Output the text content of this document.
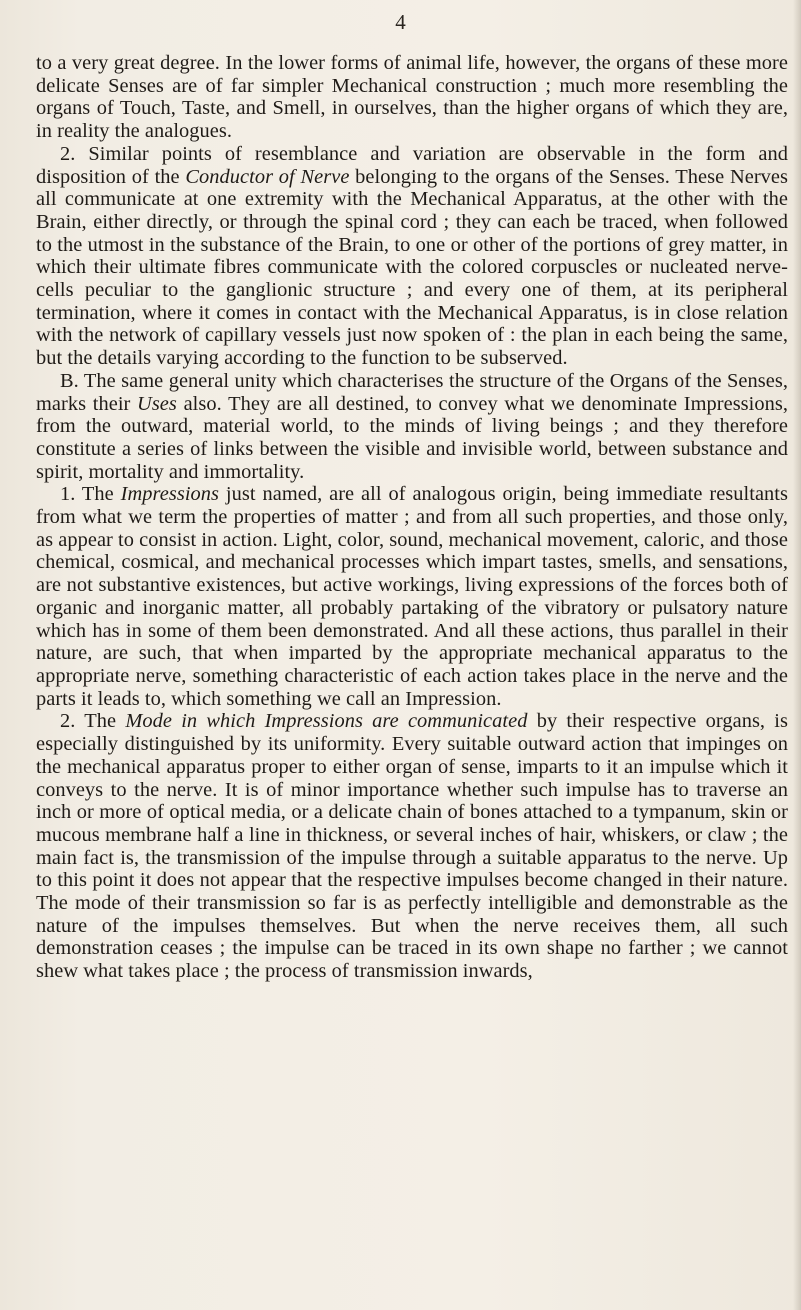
4

to a very great degree. In the lower forms of animal life, however, the organs of these more delicate Senses are of far simpler Mechanical construction ; much more resembling the organs of Touch, Taste, and Smell, in ourselves, than the higher organs of which they are, in reality the analogues.

2. Similar points of resemblance and variation are observable in the form and disposition of the Conductor of Nerve belonging to the organs of the Senses. These Nerves all communicate at one extremity with the Mechanical Apparatus, at the other with the Brain, either directly, or through the spinal cord ; they can each be traced, when followed to the utmost in the substance of the Brain, to one or other of the portions of grey matter, in which their ultimate fibres communicate with the colored corpuscles or nucleated nerve-cells peculiar to the ganglionic structure ; and every one of them, at its peripheral termination, where it comes in contact with the Mechanical Apparatus, is in close relation with the network of capillary vessels just now spoken of : the plan in each being the same, but the details varying according to the function to be subserved.

B. The same general unity which characterises the structure of the Organs of the Senses, marks their Uses also. They are all destined, to convey what we denominate Impressions, from the outward, material world, to the minds of living beings ; and they therefore constitute a series of links between the visible and invisible world, between substance and spirit, mortality and immortality.

1. The Impressions just named, are all of analogous origin, being immediate resultants from what we term the properties of matter ; and from all such properties, and those only, as appear to consist in action. Light, color, sound, mechanical movement, caloric, and those chemical, cosmical, and mechanical processes which impart tastes, smells, and sensations, are not substantive existences, but active workings, living expressions of the forces both of organic and inorganic matter, all probably partaking of the vibratory or pulsatory nature which has in some of them been demonstrated. And all these actions, thus parallel in their nature, are such, that when imparted by the appropriate mechanical apparatus to the appropriate nerve, something characteristic of each action takes place in the nerve and the parts it leads to, which something we call an Impression.

2. The Mode in which Impressions are communicated by their respective organs, is especially distinguished by its uniformity. Every suitable outward action that impinges on the mechanical apparatus proper to either organ of sense, imparts to it an impulse which it conveys to the nerve. It is of minor importance whether such impulse has to traverse an inch or more of optical media, or a delicate chain of bones attached to a tympanum, skin or mucous membrane half a line in thickness, or several inches of hair, whiskers, or claw ; the main fact is, the transmission of the impulse through a suitable apparatus to the nerve. Up to this point it does not appear that the respective impulses become changed in their nature. The mode of their transmission so far is as perfectly intelligible and demonstrable as the nature of the impulses themselves. But when the nerve receives them, all such demonstration ceases ; the impulse can be traced in its own shape no farther ; we cannot shew what takes place ; the process of transmission inwards,
